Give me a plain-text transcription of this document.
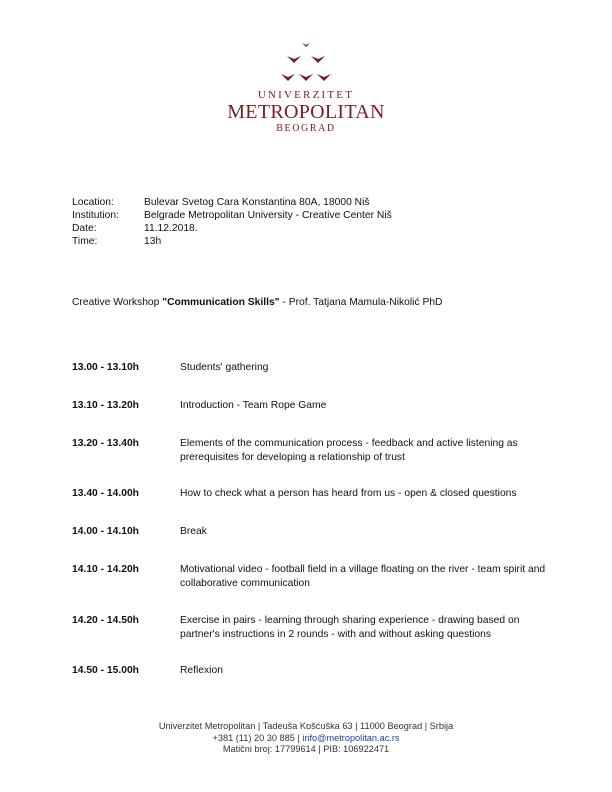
UNIVERZITET
METROPOLITAN
BEOGRAD
Location:	Bulevar Svetog Cara Konstantina 80A, 18000 Niš
Institution:	Belgrade Metropolitan University - Creative Center Niš
Date:	11.12.2018.
Time:	13h
Creative Workshop "Communication Skills" - Prof. Tatjana Mamula-Nikolić PhD
13.00 - 13.10h	Students' gathering
13.10 - 13.20h	Introduction - Team Rope Game
13.20 - 13.40h	Elements of the communication process - feedback and active listening as prerequisites for developing a relationship of trust
13.40 - 14.00h	How to check what a person has heard from us - open & closed questions
14.00 - 14.10h	Break
14.10 - 14.20h	Motivational video - football field in a village floating on the river - team spirit and collaborative communication
14.20 - 14.50h	Exercise in pairs - learning through sharing experience - drawing based on partner's instructions in 2 rounds - with and without asking questions
14.50 - 15.00h	Reflexion
Univerzitet Metropolitan | Tadeuša Košćuška 63 | 11000 Beograd | Srbija
+381 (11) 20 30 885 | info@metropolitan.ac.rs
Matični broj: 17799614 | PIB: 106922471
